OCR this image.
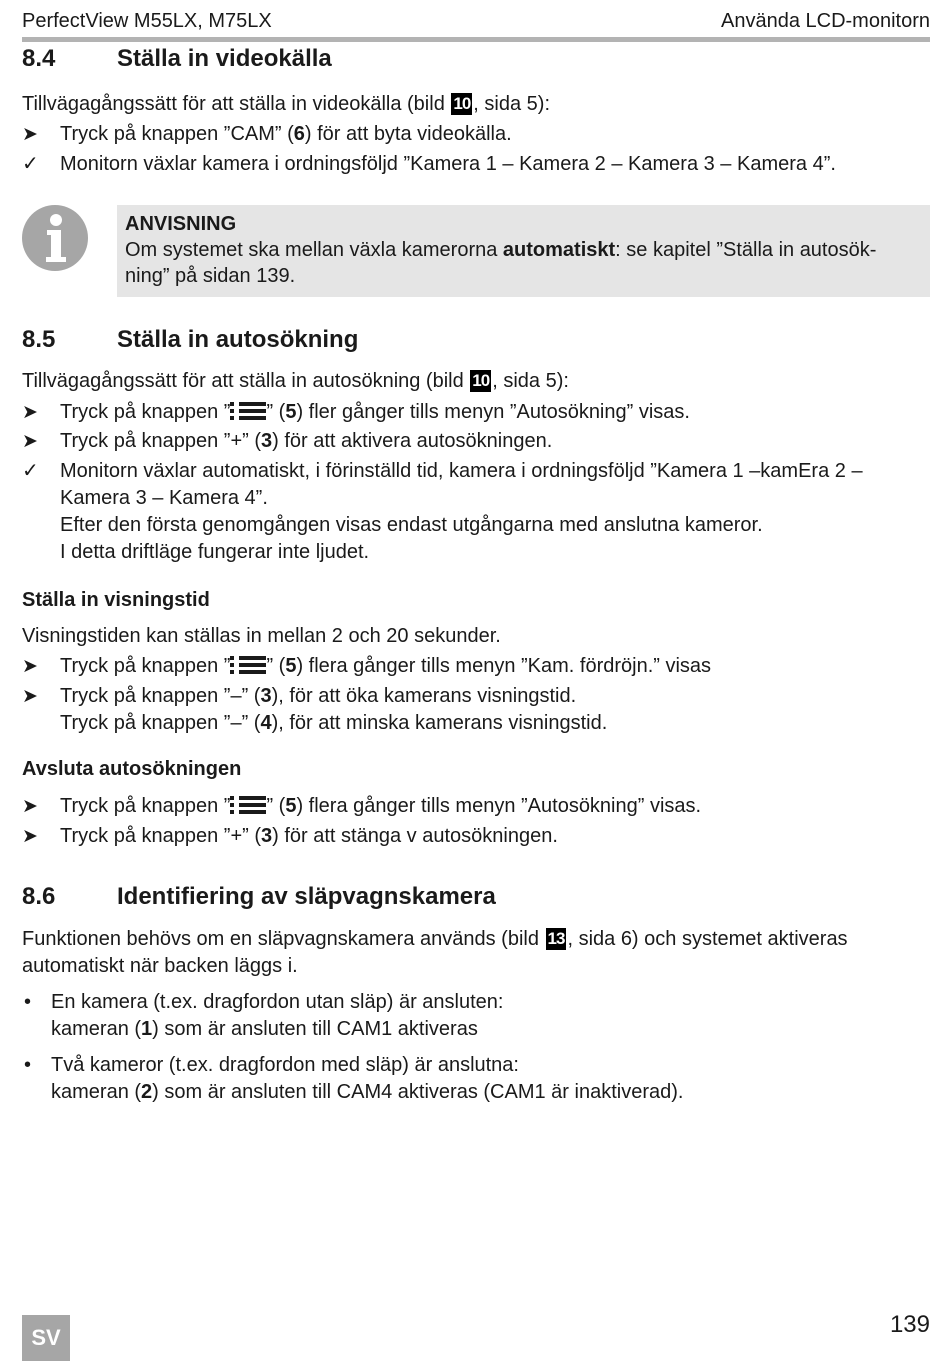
PerfectView M55LX, M75LX	Använda LCD-monitorn
8.4	Ställa in videokälla
Tillvägagångssätt för att ställa in videokälla (bild 10 , sida 5):
➤	Tryck på knappen ”CAM” (6) för att byta videokälla.
✓	Monitorn växlar kamera i ordningsföljd ”Kamera 1 – Kamera 2 – Kamera 3 – Kamera 4”.
ANVISNING
Om systemet ska mellan växla kamerorna automatiskt: se kapitel ”Ställa in autosök-
ning” på sidan 139.
8.5	Ställa in autosökning
Tillvägagångssätt för att ställa in autosökning (bild 10 , sida 5):
➤	Tryck på knappen ” ” (5) fler gånger tills menyn ”Autosökning” visas.
➤	Tryck på knappen ”+” (3) för att aktivera autosökningen.
✓	Monitorn växlar automatiskt, i förinställd tid, kamera i ordningsföljd ”Kamera 1 –kamEra 2 –
Kamera 3 – Kamera 4”.
Efter den första genomgången visas endast utgångarna med anslutna kameror.
I detta driftläge fungerar inte ljudet.
Ställa in visningstid
Visningstiden kan ställas in mellan 2 och 20 sekunder.
➤	Tryck på knappen ” ” (5) flera gånger tills menyn ”Kam. fördröjn.” visas
➤	Tryck på knappen ”–” (3), för att öka kamerans visningstid.
Tryck på knappen ”–” (4), för att minska kamerans visningstid.
Avsluta autosökningen
➤	Tryck på knappen ” ” (5) flera gånger tills menyn ”Autosökning” visas.
➤	Tryck på knappen ”+” (3) för att stänga v autosökningen.
8.6	Identifiering av släpvagnskamera
Funktionen behövs om en släpvagnskamera används (bild 13 , sida 6) och systemet aktiveras
automatiskt när backen läggs i.
• En kamera (t.ex. dragfordon utan släp) är ansluten:
kameran (1) som är ansluten till CAM1 aktiveras
• Två kameror (t.ex. dragfordon med släp) är anslutna:
kameran (2) som är ansluten till CAM4 aktiveras (CAM1 är inaktiverad).
SV	139
